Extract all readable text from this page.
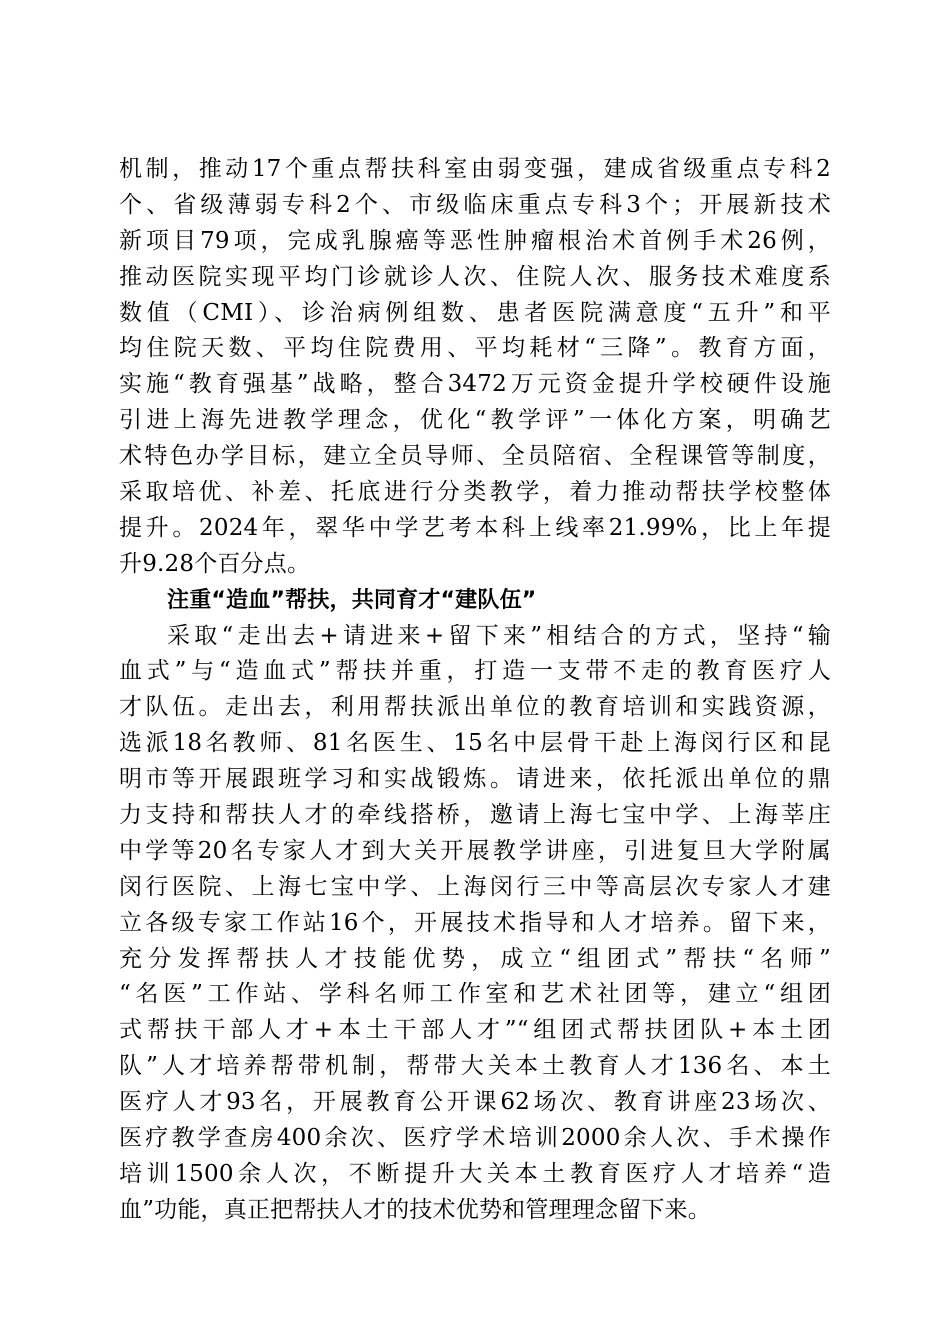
机制，推动17个重点帮扶科室由弱变强，建成省级重点专科2
个、省级薄弱专科2个、市级临床重点专科3个；开展新技术
新项目79项，完成乳腺癌等恶性肿瘤根治术首例手术26例，
推动医院实现平均门诊就诊人次、住院人次、服务技术难度系
数值（CMI）、诊治病例组数、患者医院满意度“五升”和平
均住院天数、平均住院费用、平均耗材“三降”。教育方面，
实施“教育强基”战略，整合3472万元资金提升学校硬件设施
引进上海先进教学理念，优化“教学评”一体化方案，明确艺
术特色办学目标，建立全员导师、全员陪宿、全程课管等制度，
采取培优、补差、托底进行分类教学，着力推动帮扶学校整体
提升。2024年，翠华中学艺考本科上线率21.99%，比上年提
升9.28个百分点。
注重“造血”帮扶，共同育才“建队伍”
采取“走出去+请进来+留下来”相结合的方式，坚持“输
血式”与“造血式”帮扶并重，打造一支带不走的教育医疗人
才队伍。走出去，利用帮扶派出单位的教育培训和实践资源，
选派18名教师、81名医生、15名中层骨干赴上海闵行区和昆
明市等开展跟班学习和实战锻炼。请进来，依托派出单位的鼎
力支持和帮扶人才的牵线搭桥，邀请上海七宝中学、上海莘庄
中学等20名专家人才到大关开展教学讲座，引进复旦大学附属
闵行医院、上海七宝中学、上海闵行三中等高层次专家人才建
立各级专家工作站16个，开展技术指导和人才培养。留下来，
充分发挥帮扶人才技能优势，成立“组团式”帮扶“名师”
“名医”工作站、学科名师工作室和艺术社团等，建立“组团
式帮扶干部人才+本土干部人才”“组团式帮扶团队+本土团
队”人才培养帮带机制，帮带大关本土教育人才136名、本土
医疗人才93名，开展教育公开课62场次、教育讲座23场次、
医疗教学查房400余次、医疗学术培训2000余人次、手术操作
培训1500余人次，不断提升大关本土教育医疗人才培养“造
血”功能，真正把帮扶人才的技术优势和管理理念留下来。
